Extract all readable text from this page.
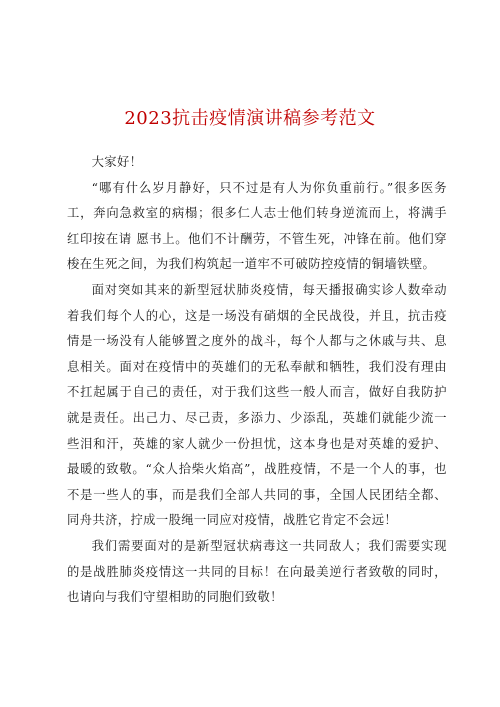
2023抗击疫情演讲稿参考范文

大家好！

“哪有什么岁月静好，只不过是有人为你负重前行。”很多医务工，奔向急救室的病榻；很多仁人志士他们转身逆流而上，将满手红印按在请 愿书上。他们不计酬劳，不管生死，冲锋在前。他们穿梭在生死之间，为我们构筑起一道牢不可破防控疫情的铜墙铁壁。

面对突如其来的新型冠状肺炎疫情，每天播报确实诊人数牵动着我们每个人的心，这是一场没有硝烟的全民战役，并且，抗击疫情是一场没有人能够置之度外的战斗，每个人都与之休戚与共、息息相关。面对在疫情中的英雄们的无私奉献和牺牲，我们没有理由不扛起属于自己的责任，对于我们这些一般人而言，做好自我防护就是责任。出己力、尽己责，多添力、少添乱，英雄们就能少流一些泪和汗，英雄的家人就少一份担忧，这本身也是对英雄的爱护、最暖的致敬。“众人拾柴火焰高”，战胜疫情，不是一个人的事，也不是一些人的事，而是我们全部人共同的事，全国人民团结全都、同舟共济，拧成一股绳一同应对疫情，战胜它肯定不会远！

我们需要面对的是新型冠状病毒这一共同敌人；我们需要实现的是战胜肺炎疫情这一共同的目标！在向最美逆行者致敬的同时，也请向与我们守望相助的同胞们致敬！
